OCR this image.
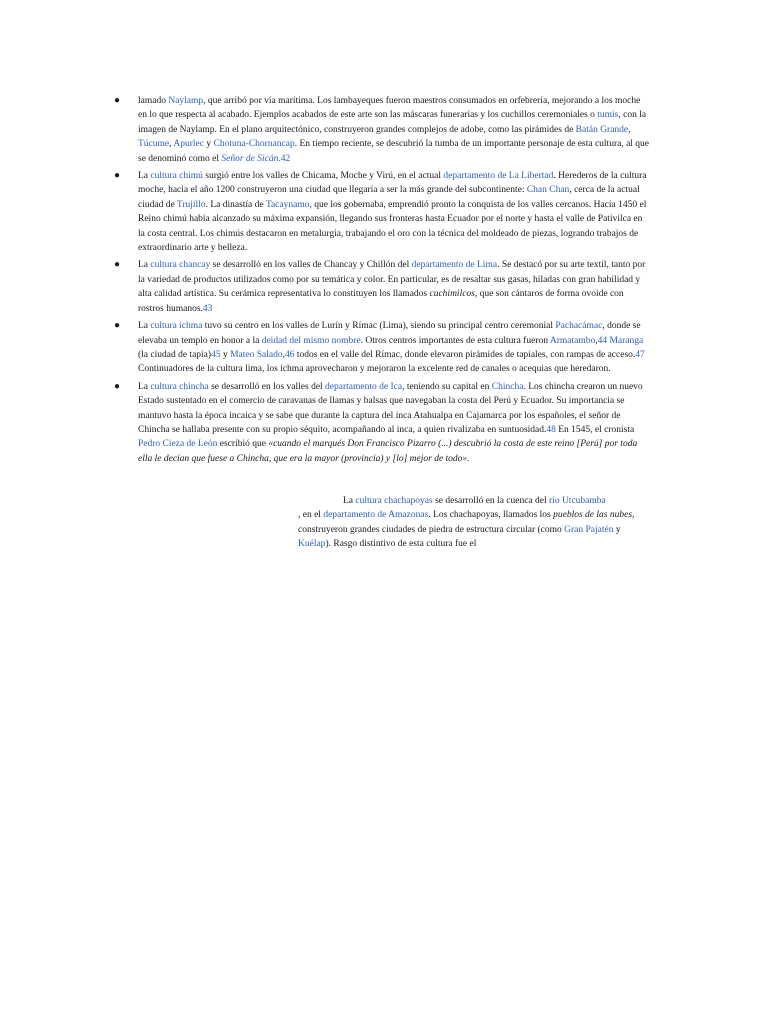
● lamado Naylamp, que arribó por vía marítima. Los lambayeques fueron maestros consumados en orfebrería, mejorando a los moche en lo que respecta al acabado. Ejemplos acabados de este arte son las máscaras funerarias y los cuchillos ceremoniales o tumis, con la imagen de Naylamp. En el plano arquitectónico, construyeron grandes complejos de adobe, como las pirámides de Batán Grande, Túcume, Apurlec y Chotuna-Chornancap. En tiempo reciente, se descubrió la tumba de un importante personaje de esta cultura, al que se denominó como el Señor de Sicán.42
● La cultura chimú surgió entre los valles de Chicama, Moche y Virú, en el actual departamento de La Libertad. Herederos de la cultura moche, hacia el año 1200 construyeron una ciudad que llegaría a ser la más grande del subcontinente: Chan Chan, cerca de la actual ciudad de Trujillo. La dinastía de Tacaynamo, que los gobernaba, emprendió pronto la conquista de los valles cercanos. Hacia 1450 el Reino chimú había alcanzado su máxima expansión, llegando sus fronteras hasta Ecuador por el norte y hasta el valle de Pativilca en la costa central. Los chimús destacaron en metalurgia, trabajando el oro con la técnica del moldeado de piezas, logrando trabajos de extraordinario arte y belleza.
● La cultura chancay se desarrolló en los valles de Chancay y Chillón del departamento de Lima. Se destacó por su arte textil, tanto por la variedad de productos utilizados como por su temática y color. En particular, es de resaltar sus gasas, hiladas con gran habilidad y alta calidad artística. Su cerámica representativa lo constituyen los llamados cuchimilcos, que son cántaros de forma ovoide con rostros humanos.43
● La cultura ichma tuvo su centro en los valles de Lurín y Rímac (Lima), siendo su principal centro ceremonial Pachacámac, donde se elevaba un templo en honor a la deidad del mismo nombre. Otros centros importantes de esta cultura fueron Armatambo,44 Maranga (la ciudad de tapia)45 y Mateo Salado,46 todos en el valle del Rímac, donde elevaron pirámides de tapiales, con rampas de acceso.47 Continuadores de la cultura lima, los ichma aprovecharon y mejoraron la excelente red de canales o acequias que heredaron.
● La cultura chincha se desarrolló en los valles del departamento de Ica, teniendo su capital en Chincha. Los chincha crearon un nuevo Estado sustentado en el comercio de caravanas de llamas y balsas que navegaban la costa del Perú y Ecuador. Su importancia se mantuvo hasta la época incaica y se sabe que durante la captura del inca Atahualpa en Cajamarca por los españoles, el señor de Chincha se hallaba presente con su propio séquito, acompañando al inca, a quien rivalizaba en suntuosidad.48 En 1545, el cronista Pedro Cieza de León escribió que «cuando el marqués Don Francisco Pizarro (...) descubrió la costa de este reino [Perú] por toda ella le decían que fuese a Chincha, que era la mayor (provincia) y [lo] mejor de todo».

La cultura chachapoyas se desarrolló en la cuenca del río Utcubamba
, en el departamento de Amazonas. Los chachapoyas, llamados los pueblos de las nubes, construyeron grandes ciudades de piedra de estructura circular (como Gran Pajatén y Kuélap). Rasgo distintivo de esta cultura fue el
